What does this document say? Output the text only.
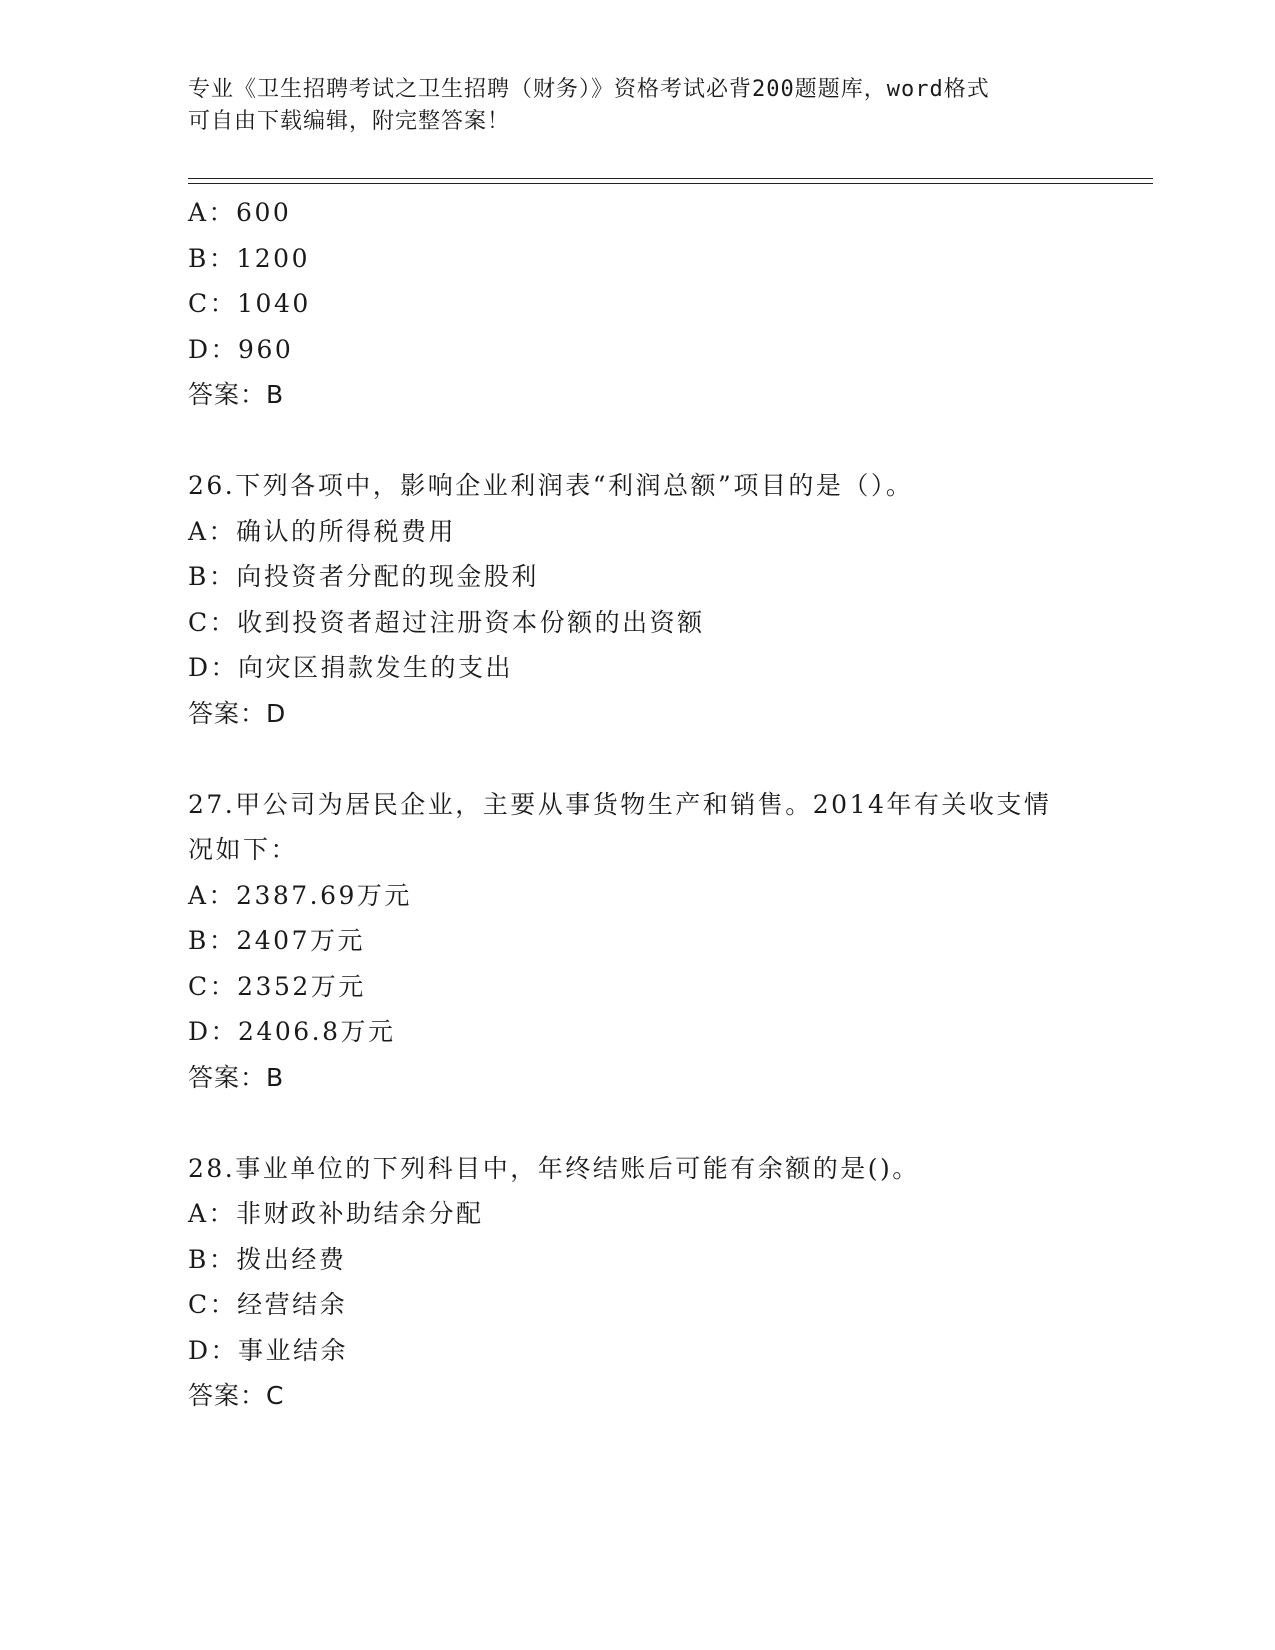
专业《卫生招聘考试之卫生招聘（财务）》资格考试必背200题题库，word格式
可自由下载编辑，附完整答案！
A：600
B：1200
C：1040
D：960
答案：B
26.下列各项中，影响企业利润表“利润总额”项目的是（）。
A：确认的所得税费用
B：向投资者分配的现金股利
C：收到投资者超过注册资本份额的出资额
D：向灾区捐款发生的支出
答案：D
27.甲公司为居民企业，主要从事货物生产和销售。2014年有关收支情
况如下：
A：2387.69万元
B：2407万元
C：2352万元
D：2406.8万元
答案：B
28.事业单位的下列科目中，年终结账后可能有余额的是()。
A：非财政补助结余分配
B：拨出经费
C：经营结余
D：事业结余
答案：C
